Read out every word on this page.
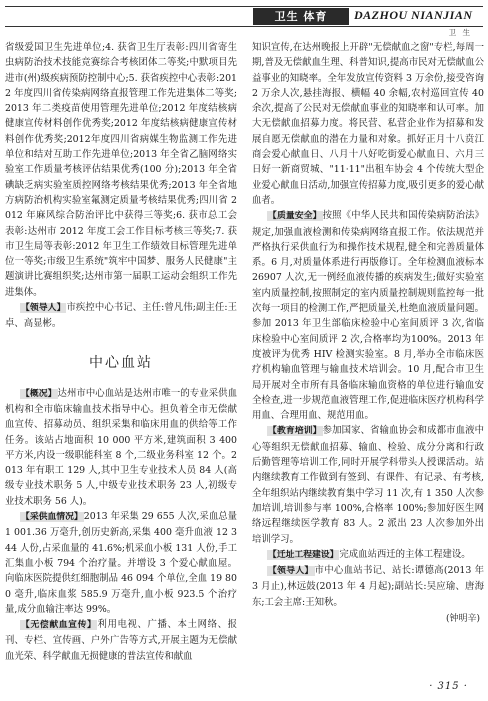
卫生 体育	DAZHOU NIANJIAN
卫 生

省级爱国卫生先进单位;4. 获省卫生厅表彰:四川省寄生虫病防治技术技能竞赛综合考核团体二等奖;中默项目先进市(州)级疾病预防控制中心;5. 获省疾控中心表彰:2012 年度四川省传染病网络直报管理工作先进集体二等奖;2013 年二类疫苗使用管理先进单位;2012 年度结核病健康宣传材料创作优秀奖;2012 年度结核病健康宣传材料创作优秀奖;2012年度四川省病媒生物监测工作先进单位和结对互助工作先进单位;2013 年全省乙脑网络实验室工作质量考核评估结果优秀(100 分);2013 年全省碘缺乏病实验室质控网络考核结果优秀;2013 年全省地方病防治机构实验室氟测定质量考核结果优秀;四川省 2012 年麻风综合防治评比中获得三等奖;6. 获市总工会表彰:达州市 2012 年度工会工作目标考核三等奖;7. 获市卫生局等表彰:2012 年卫生工作绩效目标管理先进单位一等奖;市级卫生系统"筑牢中国梦、服务人民健康"主题演讲比赛组织奖;达州市第一届职工运动会组织工作先进集体。

【领导人】市疾控中心书记、主任:曾凡伟;副主任:王卓、高显彬。

中心血站

【概况】达州市中心血站是达州市唯一的专业采供血机构和全市临床输血技术指导中心。担负着全市无偿献血宣传、招募动员、组织采集和临床用血的供给等工作任务。该站占地面积 10 000 平方米,建筑面积 3 400 平方米,内设一级职能科室 8 个,二级业务科室 12 个。2013 年有职工 129 人,其中卫生专业技术人员 84 人(高级专业技术职务 5 人,中级专业技术职务 23 人,初级专业技术职务 56 人)。

【采供血情况】2013 年采集 29 655 人次,采血总量 1 001.36 万毫升,创历史新高,采集 400 毫升血液 12 344 人份,占采血量的 41.6%;机采血小板 131 人份,手工汇集血小板 794 个治疗量。并增设 3 个爱心献血屋。向临床医院提供红细胞制品 46 094 个单位,全血 19 800 毫升,临床血浆 585.9 万毫升,血小板 923.5 个治疗量,成分血输注率达 99%。

【无偿献血宣传】利用电视、广播、本土网络、报刊、专栏、宣传画、户外广告等方式,开展主题为无偿献血光荣、科学献血无损健康的普法宣传和献血

知识宣传,在达州晚报上开辟"无偿献血之窗"专栏,每周一期,普及无偿献血生理、科普知识,提高市民对无偿献血公益事业的知晓率。全年发放宣传资料 3 万余份,接受咨询 2 万余人次,悬挂海报、横幅 40 余幅,农村巡回宣传 40 余次,提高了公民对无偿献血事业的知晓率和认可率。加大无偿献血招募力度。将民营、私营企业作为招募和发展自愿无偿献血的潜在力量和对象。抓好正月十八贲江商会爱心献血日、八月十八好吃街爱心献血日、六月三日好一新商贸城、"11·11"出租车协会 4 个传统大型企业爱心献血日活动,加强宣传招募力度,吸引更多的爱心献血者。

【质量安全】按照《中华人民共和国传染病防治法》规定,加强血液检测和传染病网络直报工作。依法规范并严格执行采供血行为和操作技术规程,健全和完善质量体系。6 月,对质量体系进行再版修订。全年检测血液标本 26907 人次,无一例经血液传播的疾病发生;做好实验室室内质量控制,按照制定的室内质量控制规则监控每一批次每一项目的检测工作,严把质量关,杜绝血液质量问题。参加 2013 年卫生部临床检验中心室间质评 3 次,省临床检验中心室间质评 2 次,合格率均为100%。2013 年度被评为优秀 HIV 检测实验室。8 月,举办全市临床医疗机构输血管理与输血技术培训会。10 月,配合市卫生局开展对全市所有具备临床输血资格的单位进行输血安全检查,进一步规范血液管理工作,促进临床医疗机构科学用血、合理用血、规范用血。

【教育培训】参加国家、省输血协会和成都市血液中心等组织无偿献血招募、输血、检验、成分分离和行政后勤管理等培训工作,同时开展学科带头人授课活动。站内继续教育工作做到有签到、有课件、有记录、有考核,全年组织站内继续教育集中学习 11 次,有 1 350 人次参加培训,培训参与率 100%,合格率 100%;参加好医生网络远程继续医学教育 83 人。2 派出 23 人次参加外出培训学习。

【迁址工程建设】完成血站西迁的主体工程建设。

【领导人】市中心血站书记、站长:谭德高(2013 年 3 月止),林远鼓(2013 年 4 月起);副站长:吴应瑜、唐海东;工会主席:王知秋。

(钟明辛)
· 315 ·
